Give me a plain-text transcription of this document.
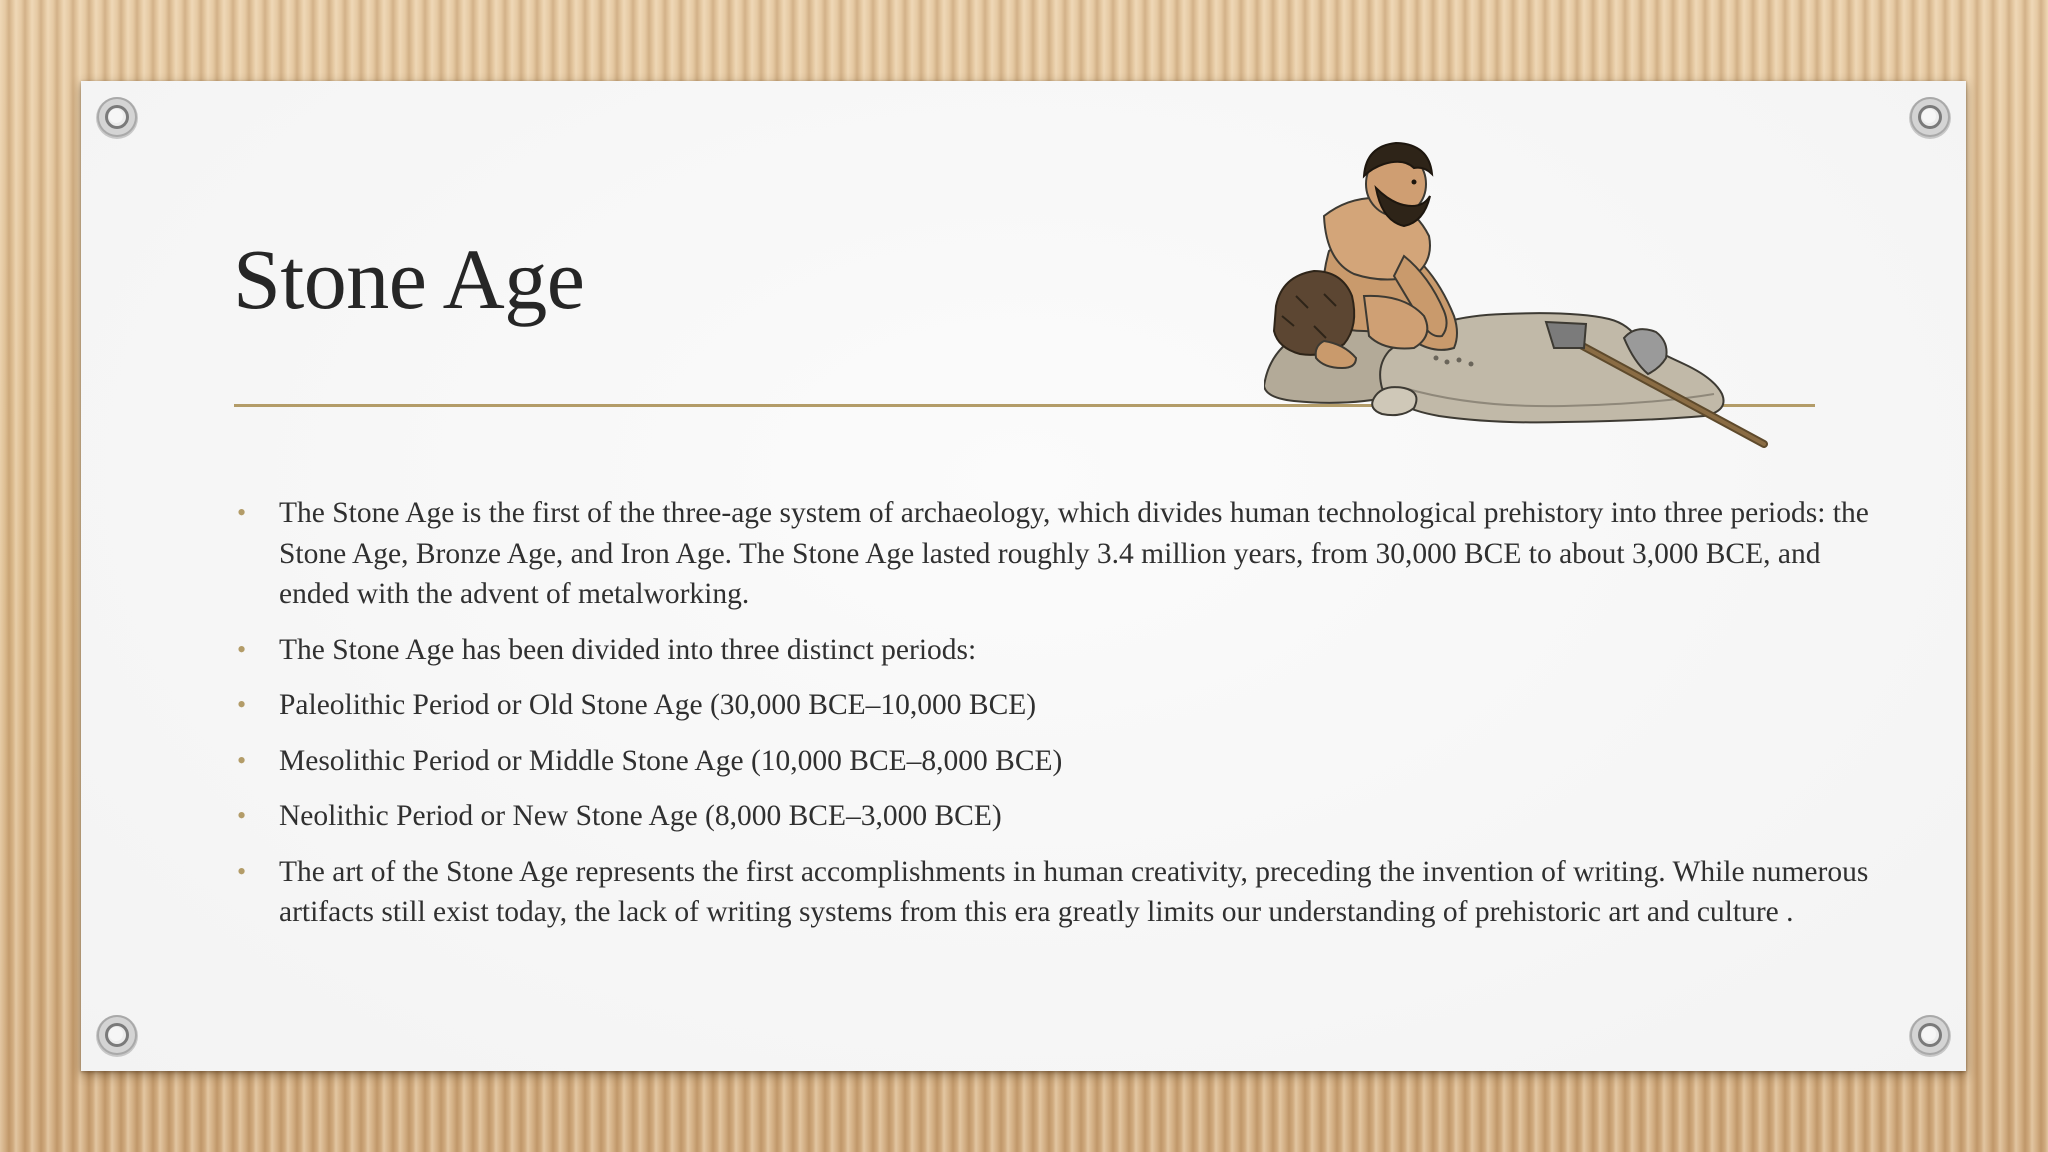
Stone Age
• The Stone Age is the first of the three-age system of archaeology, which divides human technological prehistory into three periods: the Stone Age, Bronze Age, and Iron Age. The Stone Age lasted roughly 3.4 million years, from 30,000 BCE to about 3,000 BCE, and ended with the advent of metalworking.
• The Stone Age has been divided into three distinct periods:
• Paleolithic Period or Old Stone Age (30,000 BCE–10,000 BCE)
• Mesolithic Period or Middle Stone Age (10,000 BCE–8,000 BCE)
• Neolithic Period or New Stone Age (8,000 BCE–3,000 BCE)
• The art of the Stone Age represents the first accomplishments in human creativity, preceding the invention of writing. While numerous artifacts still exist today, the lack of writing systems from this era greatly limits our understanding of prehistoric art and culture .
